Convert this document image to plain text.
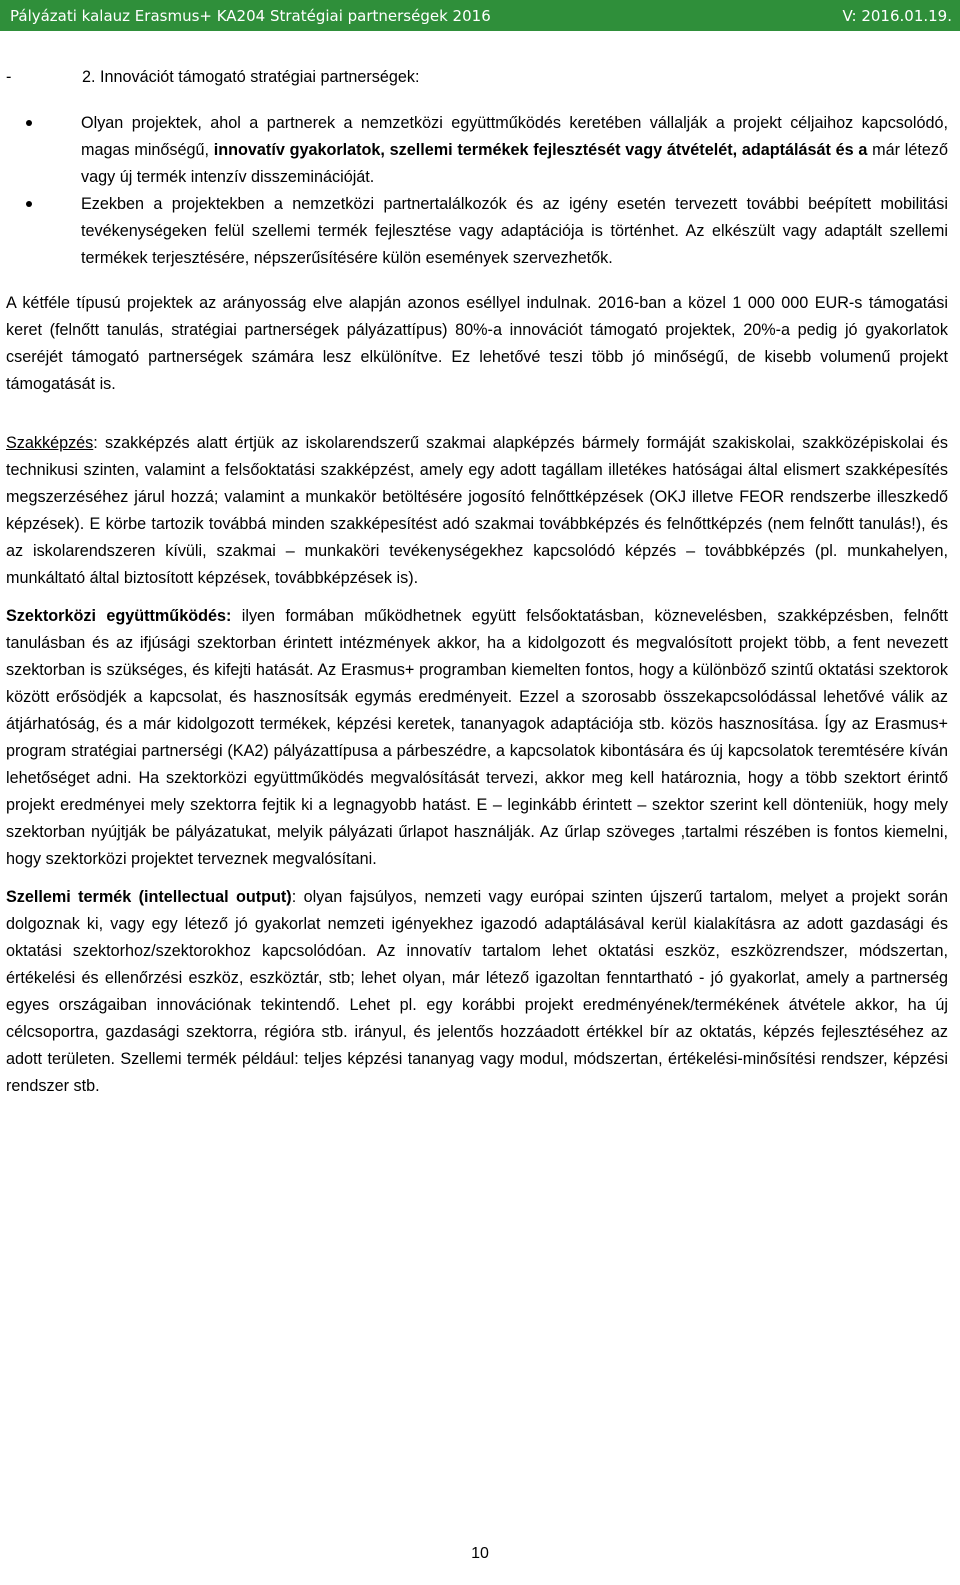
Pályázati kalauz Erasmus+ KA204 Stratégiai partnerségek 2016	V: 2016.01.19.
-	2. Innovációt támogató stratégiai partnerségek:
Olyan projektek, ahol a partnerek a nemzetközi együttműködés keretében vállalják a projekt céljaihoz kapcsolódó, magas minőségű, innovatív gyakorlatok, szellemi termékek fejlesztését vagy átvételét, adaptálását és a már létező vagy új termék intenzív disszeminációját.
Ezekben a projektekben a nemzetközi partnertalálkozók és az igény esetén tervezett további beépített mobilitási tevékenységeken felül szellemi termék fejlesztése vagy adaptációja is történhet. Az elkészült vagy adaptált szellemi termékek terjesztésére, népszerűsítésére külön események szervezhetők.

A kétféle típusú projektek az arányosság elve alapján azonos eséllyel indulnak. 2016-ban a közel 1 000 000 EUR-s támogatási keret (felnőtt tanulás, stratégiai partnerségek pályázattípus) 80%-a innovációt támogató projektek, 20%-a pedig jó gyakorlatok cseréjét támogató partnerségek számára lesz elkülönítve. Ez lehetővé teszi több jó minőségű, de kisebb volumenű projekt támogatását is.

Szakképzés: szakképzés alatt értjük az iskolarendszerű szakmai alapképzés bármely formáját szakiskolai, szakközépiskolai és technikusi szinten, valamint a felsőoktatási szakképzést, amely egy adott tagállam illetékes hatóságai által elismert szakképesítés megszerzéséhez járul hozzá; valamint a munkakör betöltésére jogosító felnőttképzések (OKJ illetve FEOR rendszerbe illeszkedő képzések). E körbe tartozik továbbá minden szakképesítést adó szakmai továbbképzés és felnőttképzés (nem felnőtt tanulás!), és az iskolarendszeren kívüli, szakmai – munkaköri tevékenységekhez kapcsolódó képzés – továbbképzés (pl. munkahelyen, munkáltató által biztosított képzések, továbbképzések is).

Szektorközi együttműködés: ilyen formában működhetnek együtt felsőoktatásban, köznevelésben, szakképzésben, felnőtt tanulásban és az ifjúsági szektorban érintett intézmények akkor, ha a kidolgozott és megvalósított projekt több, a fent nevezett szektorban is szükséges, és kifejti hatását. Az Erasmus+ programban kiemelten fontos, hogy a különböző szintű oktatási szektorok között erősödjék a kapcsolat, és hasznosítsák egymás eredményeit. Ezzel a szorosabb összekapcsolódással lehetővé válik az átjárhatóság, és a már kidolgozott termékek, képzési keretek, tananyagok adaptációja stb. közös hasznosítása. Így az Erasmus+ program stratégiai partnerségi (KA2) pályázattípusa a párbeszédre, a kapcsolatok kibontására és új kapcsolatok teremtésére kíván lehetőséget adni. Ha szektorközi együttműködés megvalósítását tervezi, akkor meg kell határoznia, hogy a több szektort érintő projekt eredményei mely szektorra fejtik ki a legnagyobb hatást. E – leginkább érintett – szektor szerint kell dönteniük, hogy mely szektorban nyújtják be pályázatukat, melyik pályázati űrlapot használják. Az űrlap szöveges ,tartalmi részében is fontos kiemelni, hogy szektorközi projektet terveznek megvalósítani.

Szellemi termék (intellectual output): olyan fajsúlyos, nemzeti vagy európai szinten újszerű tartalom, melyet a projekt során dolgoznak ki, vagy egy létező jó gyakorlat nemzeti igényekhez igazodó adaptálásával kerül kialakításra az adott gazdasági és oktatási szektorhoz/szektorokhoz kapcsolódóan. Az innovatív tartalom lehet oktatási eszköz, eszközrendszer, módszertan, értékelési és ellenőrzési eszköz, eszköztár, stb; lehet olyan, már létező igazoltan fenntartható - jó gyakorlat, amely a partnerség egyes országaiban innovációnak tekintendő. Lehet pl. egy korábbi projekt eredményének/termékének átvétele akkor, ha új célcsoportra, gazdasági szektorra, régióra stb. irányul, és jelentős hozzáadott értékkel bír az oktatás, képzés fejlesztéséhez az adott területen. Szellemi termék például: teljes képzési tananyag vagy modul, módszertan, értékelési-minősítési rendszer, képzési rendszer stb.

10
